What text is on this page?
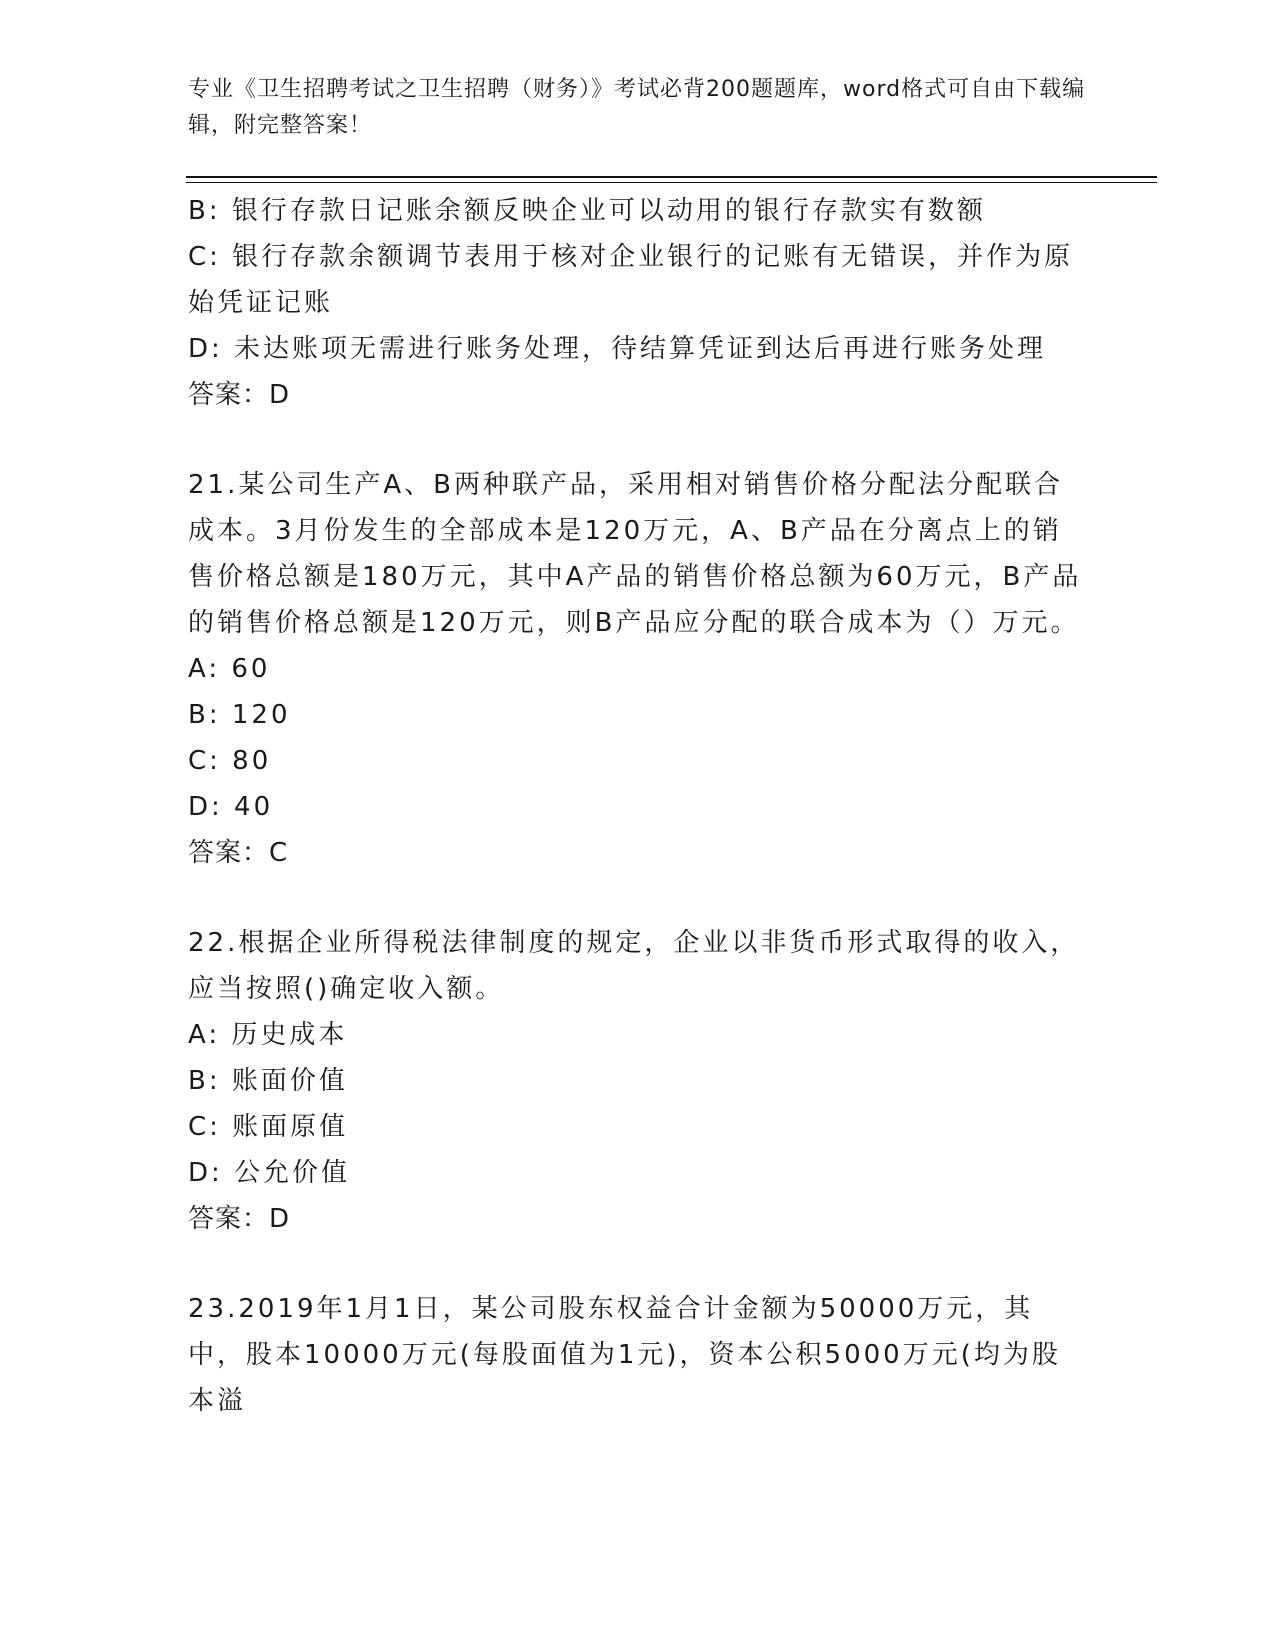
专业《卫生招聘考试之卫生招聘（财务）》考试必背200题题库，word格式可自由下载编辑，附完整答案！
B: 银行存款日记账余额反映企业可以动用的银行存款实有数额
C: 银行存款余额调节表用于核对企业银行的记账有无错误，并作为原始凭证记账
D: 未达账项无需进行账务处理，待结算凭证到达后再进行账务处理
答案：D
21.某公司生产A、B两种联产品，采用相对销售价格分配法分配联合成本。3月份发生的全部成本是120万元，A、B产品在分离点上的销售价格总额是180万元，其中A产品的销售价格总额为60万元，B产品的销售价格总额是120万元，则B产品应分配的联合成本为（）万元。
A: 60
B: 120
C: 80
D: 40
答案：C
22.根据企业所得税法律制度的规定，企业以非货币形式取得的收入，应当按照()确定收入额。
A: 历史成本
B: 账面价值
C: 账面原值
D: 公允价值
答案：D
23.2019年1月1日，某公司股东权益合计金额为50000万元，其中，股本10000万元(每股面值为1元)，资本公积5000万元(均为股本溢
